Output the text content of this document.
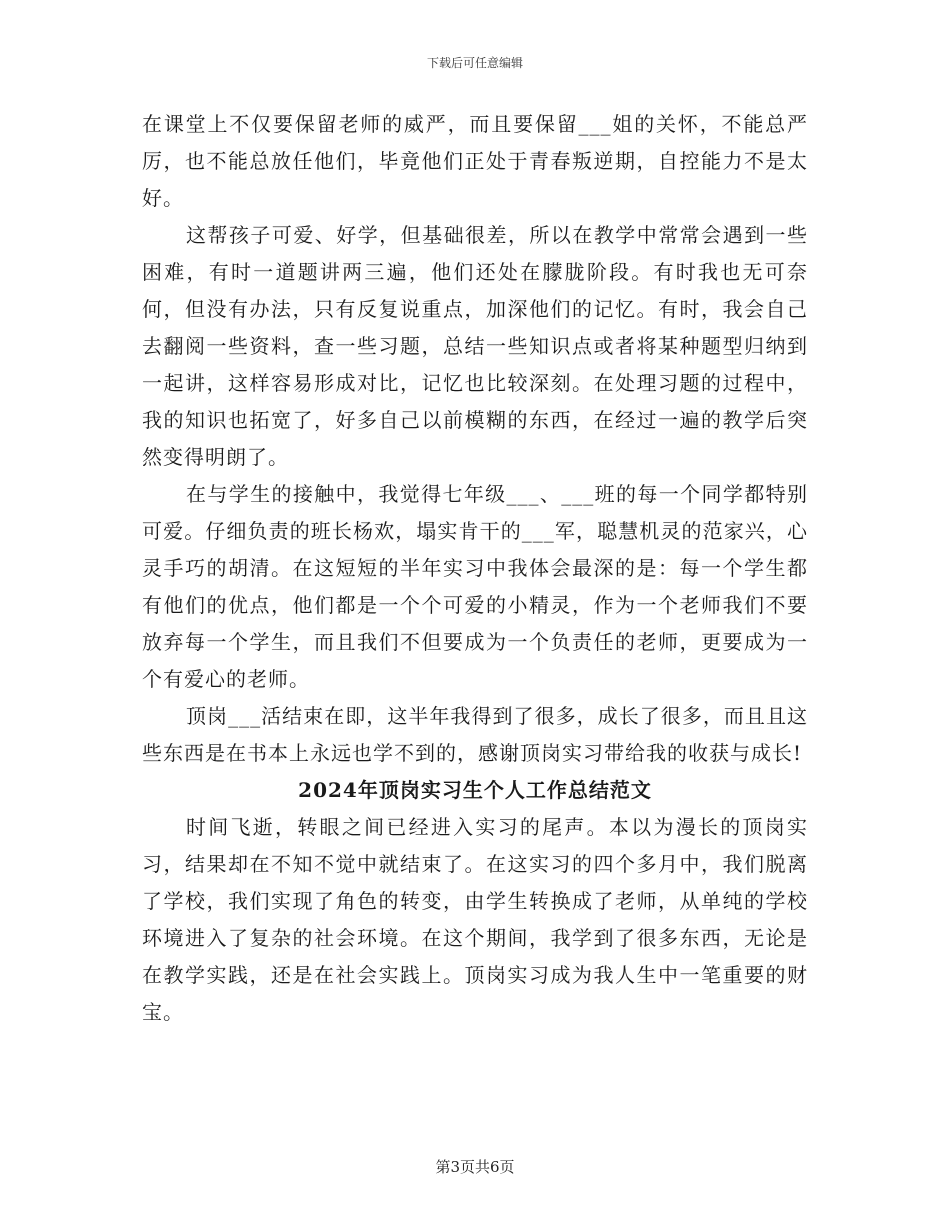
下载后可任意编辑

在课堂上不仅要保留老师的威严，而且要保留___姐的关怀，不能总严厉，也不能总放任他们，毕竟他们正处于青春叛逆期，自控能力不是太好。

这帮孩子可爱、好学，但基础很差，所以在教学中常常会遇到一些困难，有时一道题讲两三遍，他们还处在朦胧阶段。有时我也无可奈何，但没有办法，只有反复说重点，加深他们的记忆。有时，我会自己去翻阅一些资料，查一些习题，总结一些知识点或者将某种题型归纳到一起讲，这样容易形成对比，记忆也比较深刻。在处理习题的过程中，我的知识也拓宽了，好多自己以前模糊的东西，在经过一遍的教学后突然变得明朗了。

在与学生的接触中，我觉得七年级___、___班的每一个同学都特别可爱。仔细负责的班长杨欢，塌实肯干的___军，聪慧机灵的范家兴，心灵手巧的胡清。在这短短的半年实习中我体会最深的是：每一个学生都有他们的优点，他们都是一个个可爱的小精灵，作为一个老师我们不要放弃每一个学生，而且我们不但要成为一个负责任的老师，更要成为一个有爱心的老师。

顶岗___活结束在即，这半年我得到了很多，成长了很多，而且且这些东西是在书本上永远也学不到的，感谢顶岗实习带给我的收获与成长!

2024年顶岗实习生个人工作总结范文

时间飞逝，转眼之间已经进入实习的尾声。本以为漫长的顶岗实习，结果却在不知不觉中就结束了。在这实习的四个多月中，我们脱离了学校，我们实现了角色的转变，由学生转换成了老师，从单纯的学校环境进入了复杂的社会环境。在这个期间，我学到了很多东西，无论是在教学实践，还是在社会实践上。顶岗实习成为我人生中一笔重要的财宝。

第3页共6页
